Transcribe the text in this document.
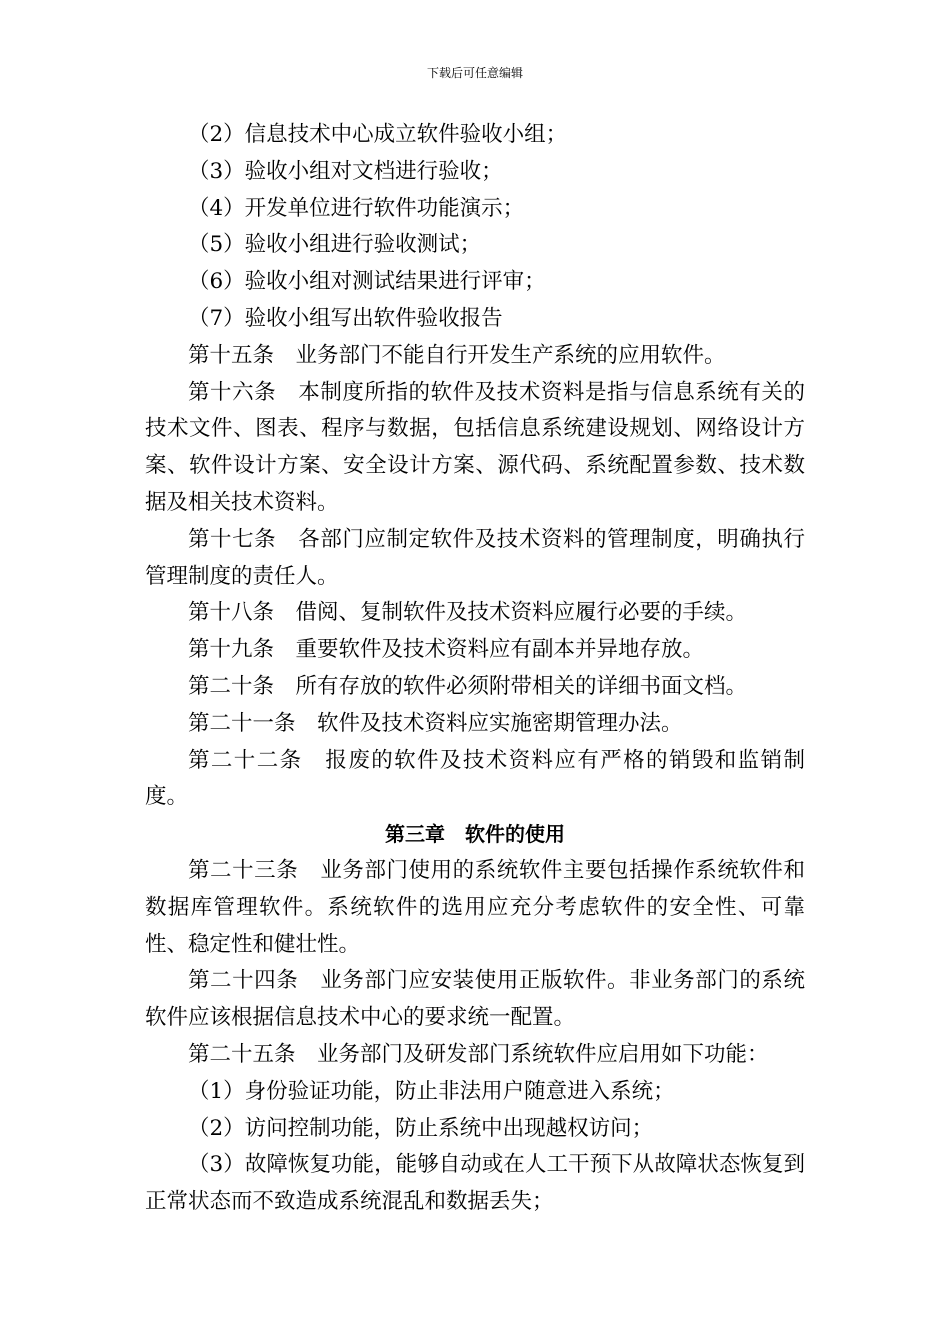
下载后可任意编辑

（2）信息技术中心成立软件验收小组；

（3）验收小组对文档进行验收；

（4）开发单位进行软件功能演示；

（5）验收小组进行验收测试；

（6）验收小组对测试结果进行评审；

（7）验收小组写出软件验收报告

第十五条 业务部门不能自行开发生产系统的应用软件。

第十六条 本制度所指的软件及技术资料是指与信息系统有关的技术文件、图表、程序与数据，包括信息系统建设规划、网络设计方案、软件设计方案、安全设计方案、源代码、系统配置参数、技术数据及相关技术资料。

第十七条 各部门应制定软件及技术资料的管理制度，明确执行管理制度的责任人。

第十八条 借阅、复制软件及技术资料应履行必要的手续。

第十九条 重要软件及技术资料应有副本并异地存放。

第二十条 所有存放的软件必须附带相关的详细书面文档。

第二十一条 软件及技术资料应实施密期管理办法。

第二十二条 报废的软件及技术资料应有严格的销毁和监销制度。

第三章　软件的使用

第二十三条 业务部门使用的系统软件主要包括操作系统软件和数据库管理软件。系统软件的选用应充分考虑软件的安全性、可靠性、稳定性和健壮性。

第二十四条 业务部门应安装使用正版软件。非业务部门的系统软件应该根据信息技术中心的要求统一配置。

第二十五条 业务部门及研发部门系统软件应启用如下功能：

（1）身份验证功能，防止非法用户随意进入系统；

（2）访问控制功能，防止系统中出现越权访问；

（3）故障恢复功能，能够自动或在人工干预下从故障状态恢复到正常状态而不致造成系统混乱和数据丢失；
